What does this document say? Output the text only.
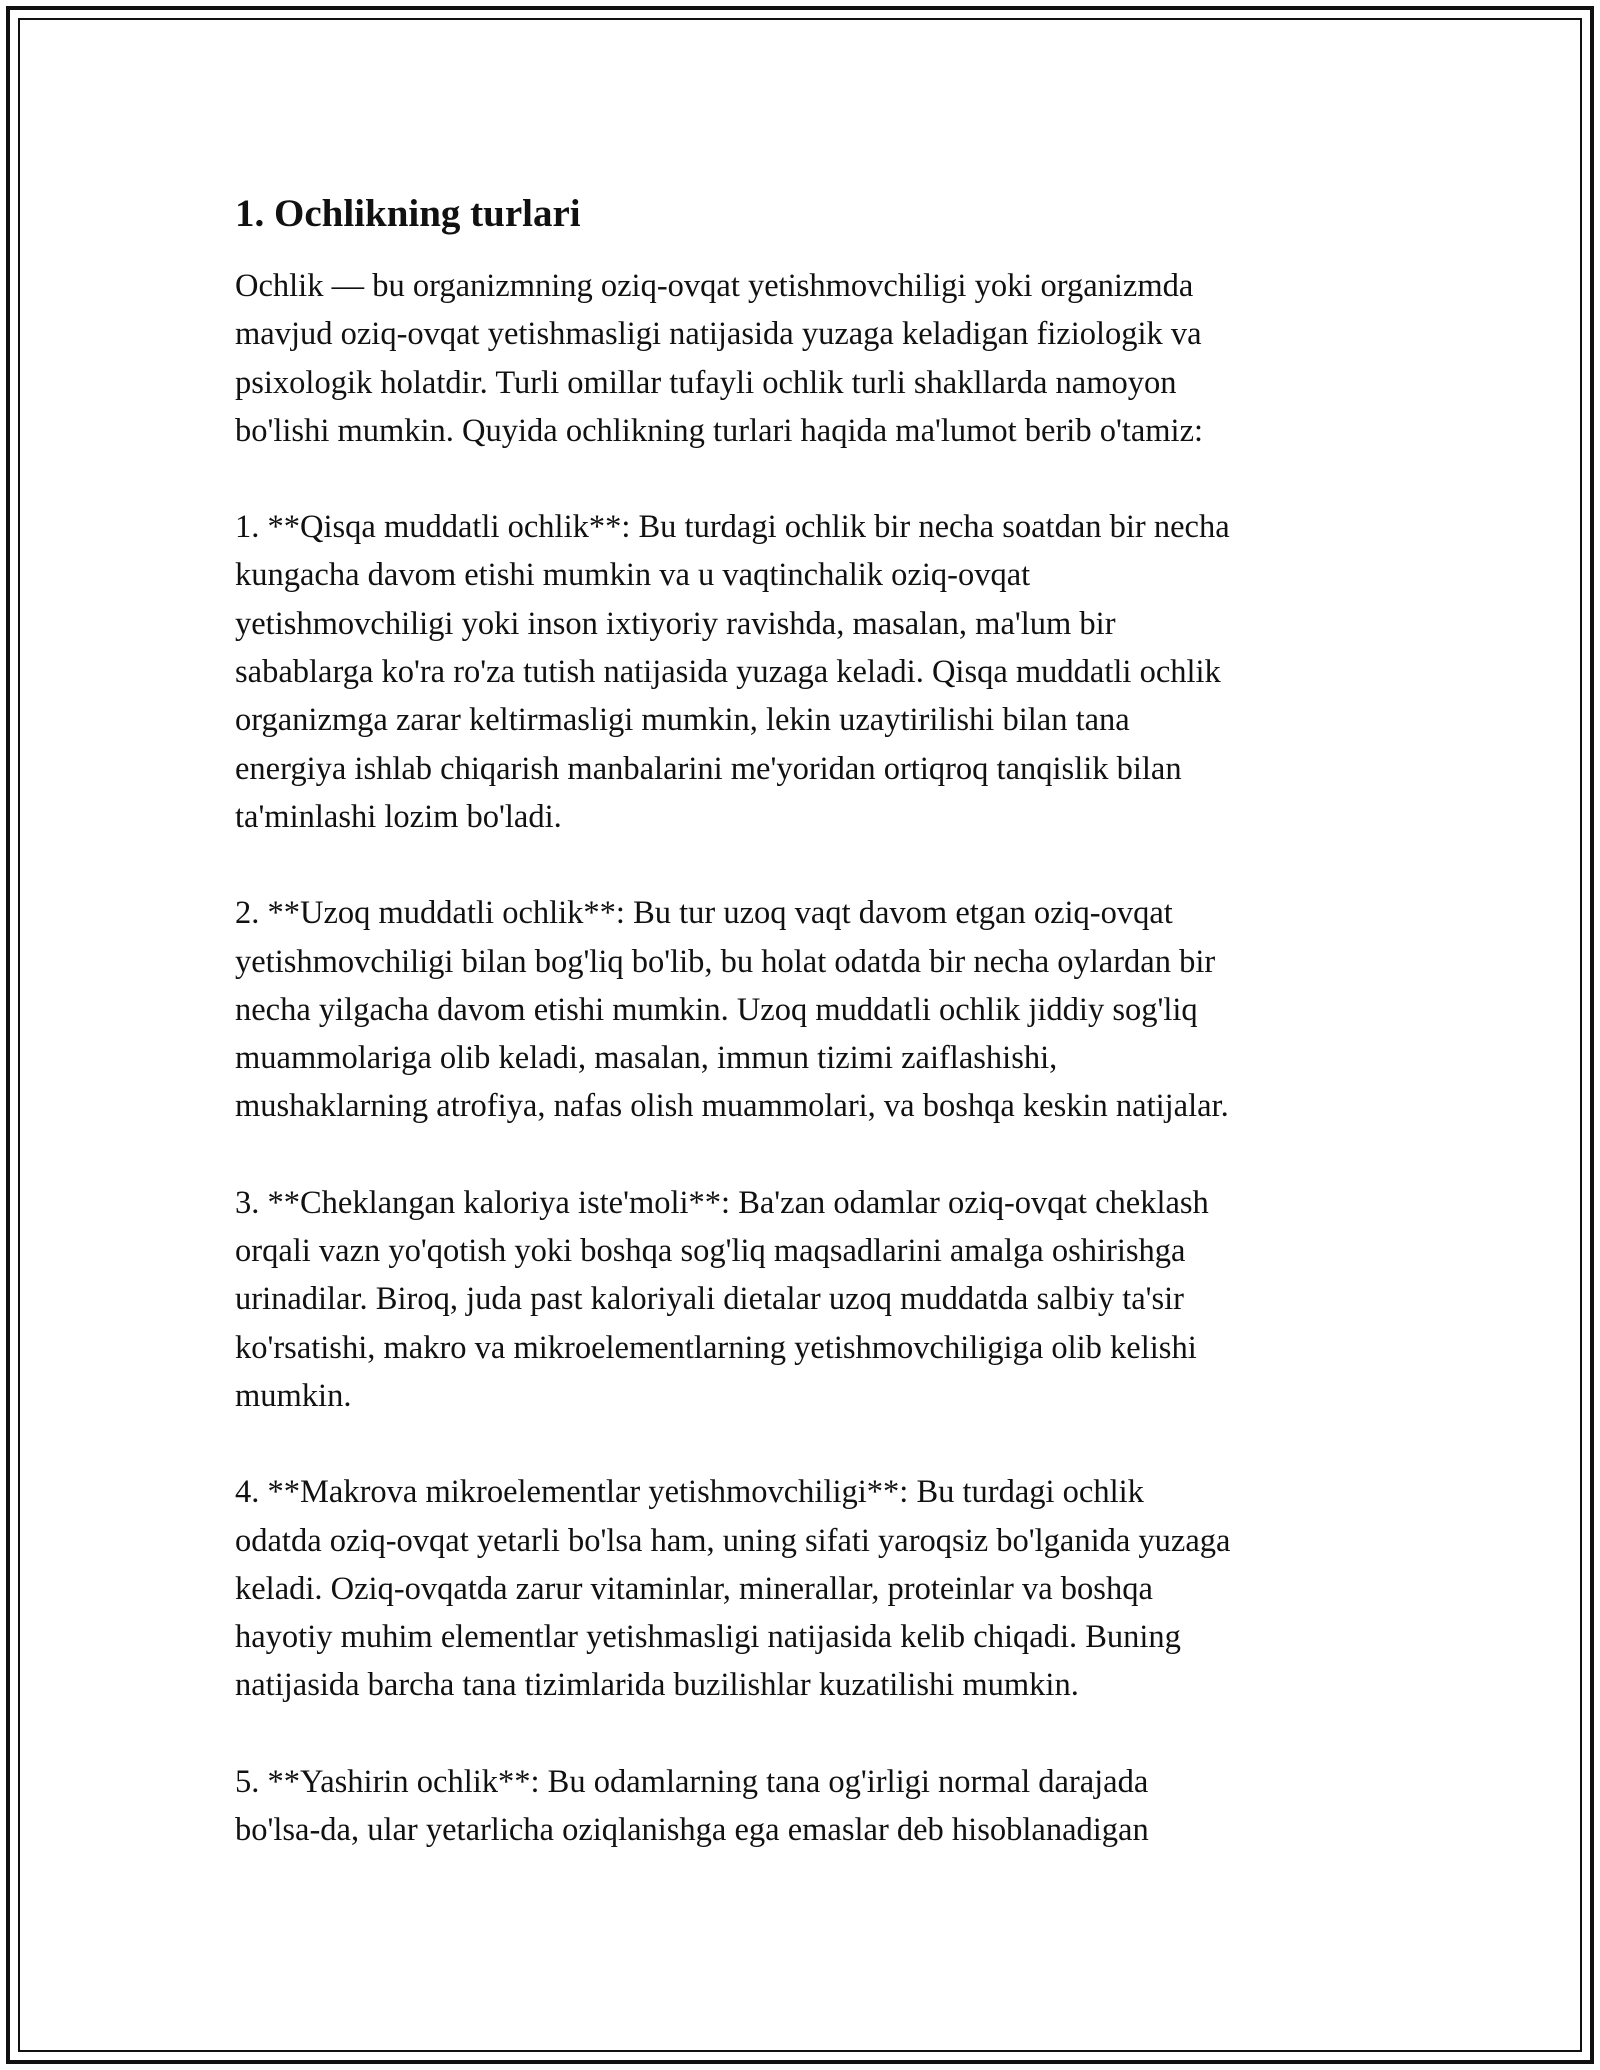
1. Ochlikning turlari

Ochlik — bu organizmning oziq-ovqat yetishmovchiligi yoki organizmda
mavjud oziq-ovqat yetishmasligi natijasida yuzaga keladigan fiziologik va
psixologik holatdir. Turli omillar tufayli ochlik turli shakllarda namoyon
bo'lishi mumkin. Quyida ochlikning turlari haqida ma'lumot berib o'tamiz:

1. **Qisqa muddatli ochlik**: Bu turdagi ochlik bir necha soatdan bir necha
kungacha davom etishi mumkin va u vaqtinchalik oziq-ovqat
yetishmovchiligi yoki inson ixtiyoriy ravishda, masalan, ma'lum bir
sabablarga ko'ra ro'za tutish natijasida yuzaga keladi. Qisqa muddatli ochlik
organizmga zarar keltirmasligi mumkin, lekin uzaytirilishi bilan tana
energiya ishlab chiqarish manbalarini me'yoridan ortiqroq tanqislik bilan
ta'minlashi lozim bo'ladi.

2. **Uzoq muddatli ochlik**: Bu tur uzoq vaqt davom etgan oziq-ovqat
yetishmovchiligi bilan bog'liq bo'lib, bu holat odatda bir necha oylardan bir
necha yilgacha davom etishi mumkin. Uzoq muddatli ochlik jiddiy sog'liq
muammolariga olib keladi, masalan, immun tizimi zaiflashishi,
mushaklarning atrofiya, nafas olish muammolari, va boshqa keskin natijalar.

3. **Cheklangan kaloriya iste'moli**: Ba'zan odamlar oziq-ovqat cheklash
orqali vazn yo'qotish yoki boshqa sog'liq maqsadlarini amalga oshirishga
urinadilar. Biroq, juda past kaloriyali dietalar uzoq muddatda salbiy ta'sir
ko'rsatishi, makro va mikroelementlarning yetishmovchiligiga olib kelishi
mumkin.

4. **Makrova mikroelementlar yetishmovchiligi**: Bu turdagi ochlik
odatda oziq-ovqat yetarli bo'lsa ham, uning sifati yaroqsiz bo'lganida yuzaga
keladi. Oziq-ovqatda zarur vitaminlar, minerallar, proteinlar va boshqa
hayotiy muhim elementlar yetishmasligi natijasida kelib chiqadi. Buning
natijasida barcha tana tizimlarida buzilishlar kuzatilishi mumkin.

5. **Yashirin ochlik**: Bu odamlarning tana og'irligi normal darajada
bo'lsa-da, ular yetarlicha oziqlanishga ega emaslar deb hisoblanadigan
